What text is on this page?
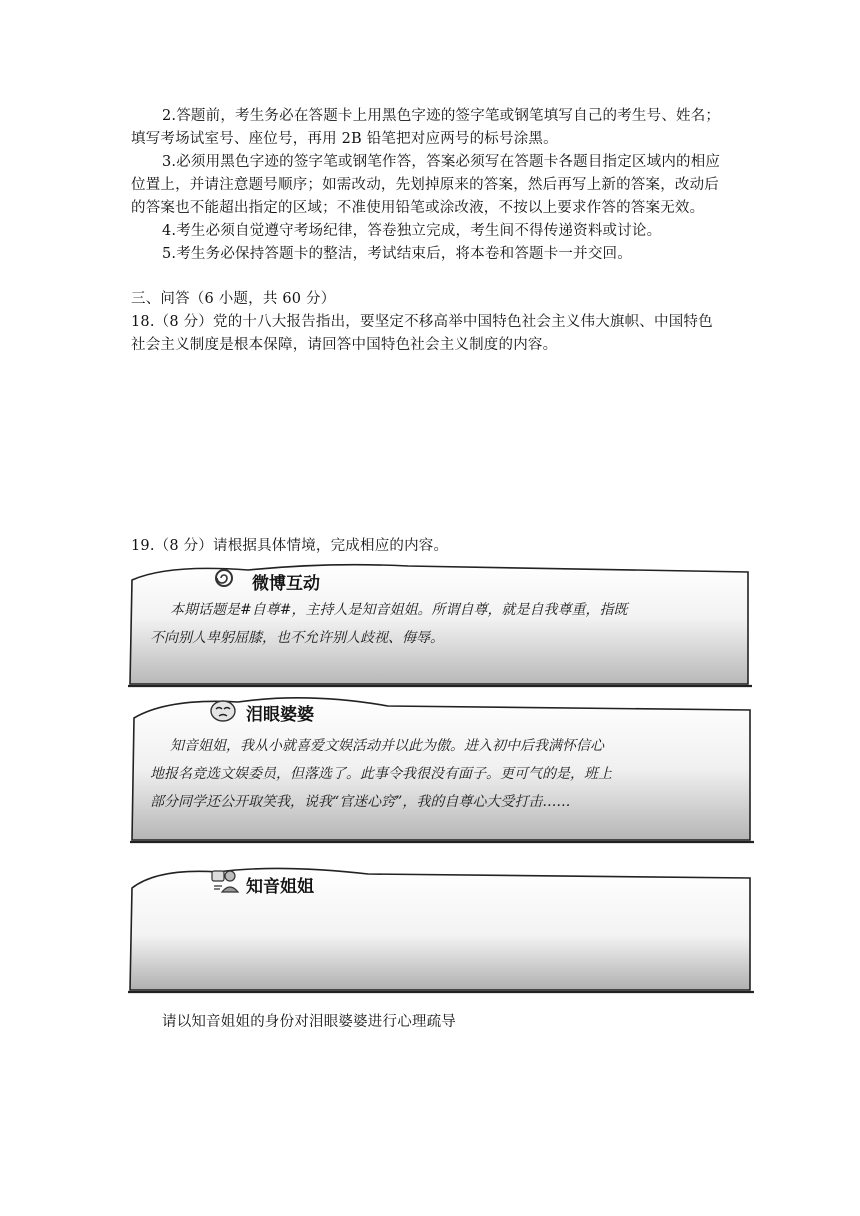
2.答题前，考生务必在答题卡上用黑色字迹的签字笔或钢笔填写自己的考生号、姓名；
填写考场试室号、座位号，再用 2B 铅笔把对应两号的标号涂黑。
3.必须用黑色字迹的签字笔或钢笔作答，答案必须写在答题卡各题目指定区域内的相应
位置上，并请注意题号顺序；如需改动，先划掉原来的答案，然后再写上新的答案，改动后
的答案也不能超出指定的区域；不准使用铅笔或涂改液，不按以上要求作答的答案无效。
4.考生必须自觉遵守考场纪律，答卷独立完成，考生间不得传递资料或讨论。
5.考生务必保持答题卡的整洁，考试结束后，将本卷和答题卡一并交回。
三、问答（6 小题，共 60 分）
18.（8 分）党的十八大报告指出，要坚定不移高举中国特色社会主义伟大旗帜、中国特色
社会主义制度是根本保障，请回答中国特色社会主义制度的内容。
19.（8 分）请根据具体情境，完成相应的内容。
微博互动
本期话题是#自尊#，主持人是知音姐姐。所谓自尊，就是自我尊重，指既
不向别人卑躬屈膝，也不允许别人歧视、侮辱。
泪眼婆婆
知音姐姐，我从小就喜爱文娱活动并以此为傲。进入初中后我满怀信心
地报名竞选文娱委员，但落选了。此事令我很没有面子。更可气的是，班上
部分同学还公开取笑我，说我“官迷心窍”，我的自尊心大受打击……
知音姐姐
请以知音姐姐的身份对泪眼婆婆进行心理疏导
